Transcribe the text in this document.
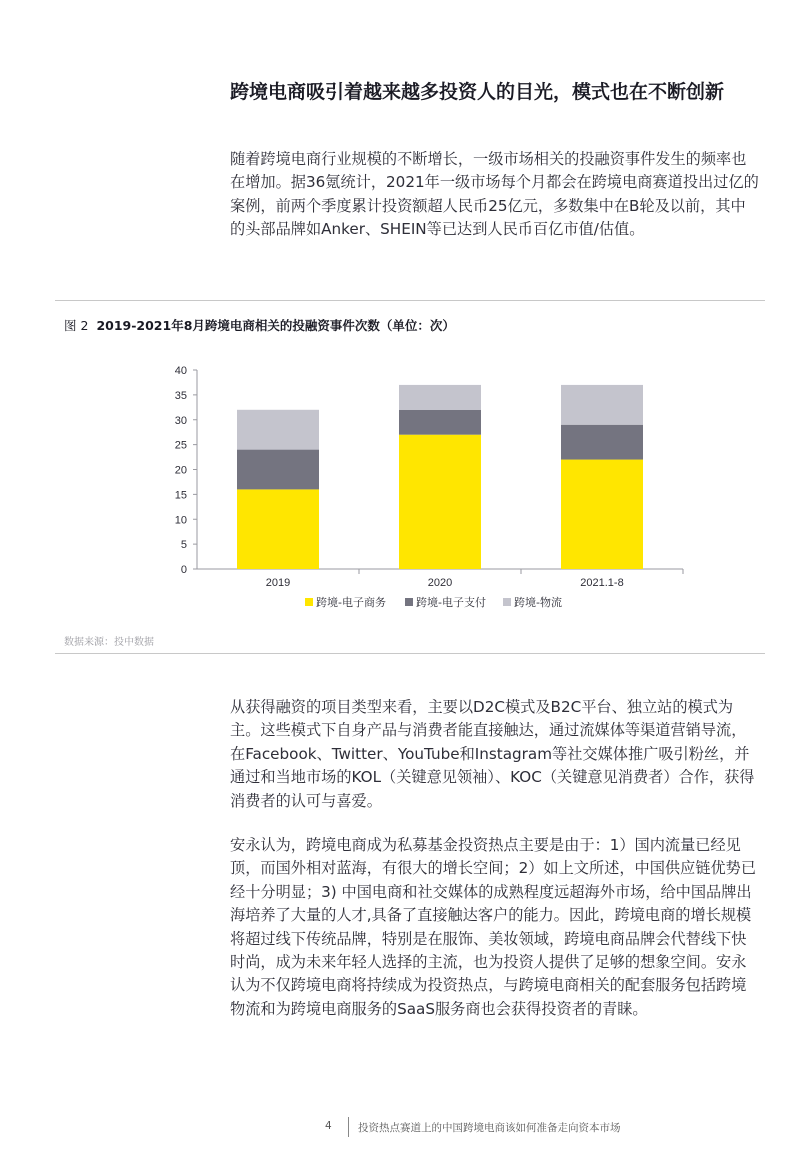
跨境电商吸引着越来越多投资人的目光，模式也在不断创新

随着跨境电商行业规模的不断增长，一级市场相关的投融资事件发生的频率也在增加。据36氪统计，2021年一级市场每个月都会在跨境电商赛道投出过亿的案例，前两个季度累计投资额超人民币25亿元，多数集中在B轮及以前，其中的头部品牌如Anker、SHEIN等已达到人民币百亿市值/估值。

图 2 2019-2021年8月跨境电商相关的投融资事件次数（单位：次）
0
5
10
15
20
25
30
35
40
2019	2020	2021.1-8
跨境-电子商务	跨境-电子支付	跨境-物流
数据来源：投中数据

从获得融资的项目类型来看，主要以D2C模式及B2C平台、独立站的模式为主。这些模式下自身产品与消费者能直接触达，通过流媒体等渠道营销导流，在Facebook、Twitter、YouTube和Instagram等社交媒体推广吸引粉丝，并通过和当地市场的KOL（关键意见领袖）、KOC（关键意见消费者）合作，获得消费者的认可与喜爱。

安永认为，跨境电商成为私募基金投资热点主要是由于：1）国内流量已经见顶，而国外相对蓝海，有很大的增长空间；2）如上文所述，中国供应链优势已经十分明显；3) 中国电商和社交媒体的成熟程度远超海外市场，给中国品牌出海培养了大量的人才,具备了直接触达客户的能力。因此，跨境电商的增长规模将超过线下传统品牌，特别是在服饰、美妆领域，跨境电商品牌会代替线下快时尚，成为未来年轻人选择的主流，也为投资人提供了足够的想象空间。安永认为不仅跨境电商将持续成为投资热点，与跨境电商相关的配套服务包括跨境物流和为跨境电商服务的SaaS服务商也会获得投资者的青睐。

4	投资热点赛道上的中国跨境电商该如何准备走向资本市场
